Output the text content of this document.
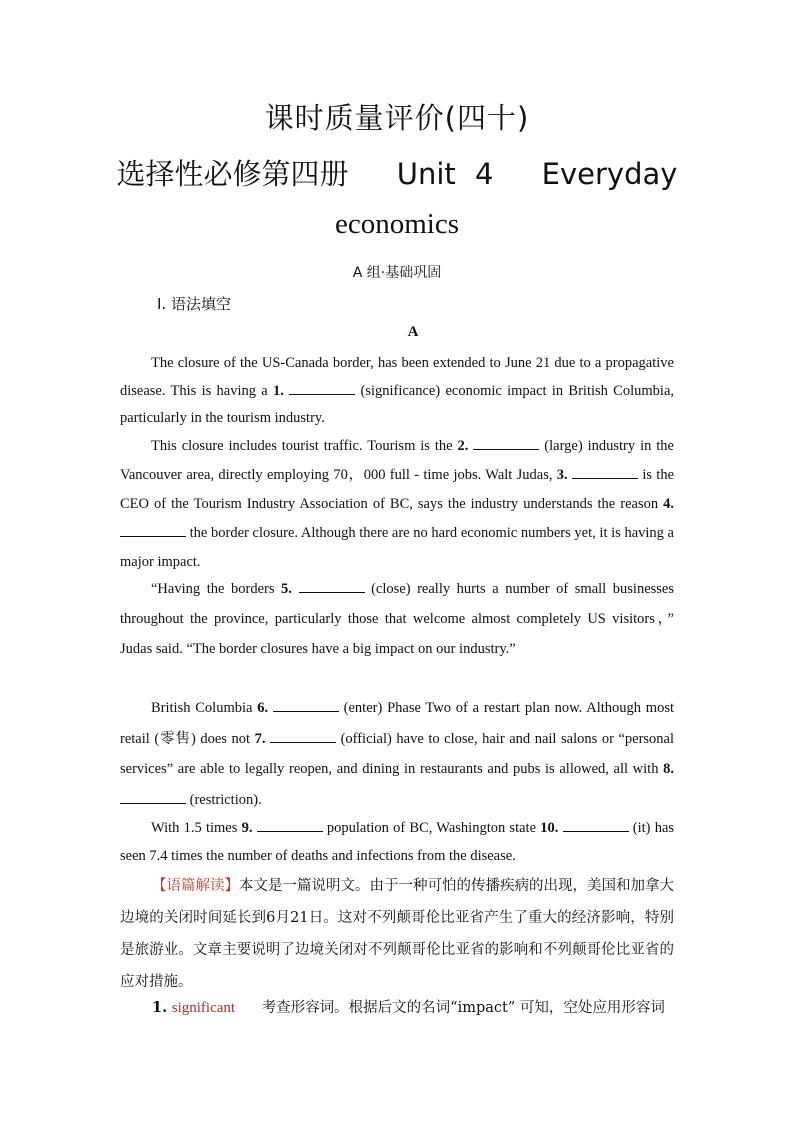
课时质量评价(四十)
选择性必修第四册　 Unit 4　 Everyday
economics
A 组·基础巩固
Ⅰ. 语法填空
A

The closure of the US-Canada border, has been extended to June 21 due to a propagative disease. This is having a 1.	(significance) economic impact in British Columbia, particularly in the tourism industry.

This closure includes tourist traffic. Tourism is the 2.	(large) industry in the Vancouver area, directly employing 70，000 full - time jobs. Walt Judas, 3.	is the CEO of the Tourism Industry Association of BC, says the industry understands the reason 4.  the border closure. Although there are no hard economic numbers yet, it is having a major impact.

“Having the borders 5.	(close) really hurts a number of small businesses throughout the province, particularly those that welcome almost completely US visitors，” Judas said. “The border closures have a big impact on our industry.”

British Columbia 6.	(enter) Phase Two of a restart plan now. Although most retail (零售) does not 7.	(official) have to close, hair and nail salons or “personal services” are able to legally reopen, and dining in restaurants and pubs is allowed, all with 8.  (restriction).

With 1.5 times 9.	population of BC, Washington state 10.	(it) has seen 7.4 times the number of deaths and infections from the disease.

【语篇解读】本文是一篇说明文。由于一种可怕的传播疾病的出现，美国和加拿大边境的关闭时间延长到6月21日。这对不列颠哥伦比亚省产生了重大的经济影响，特别是旅游业。文章主要说明了边境关闭对不列颠哥伦比亚省的影响和不列颠哥伦比亚省的应对措施。
1. significant 考查形容词。根据后文的名词“impact” 可知，空处应用形容词
